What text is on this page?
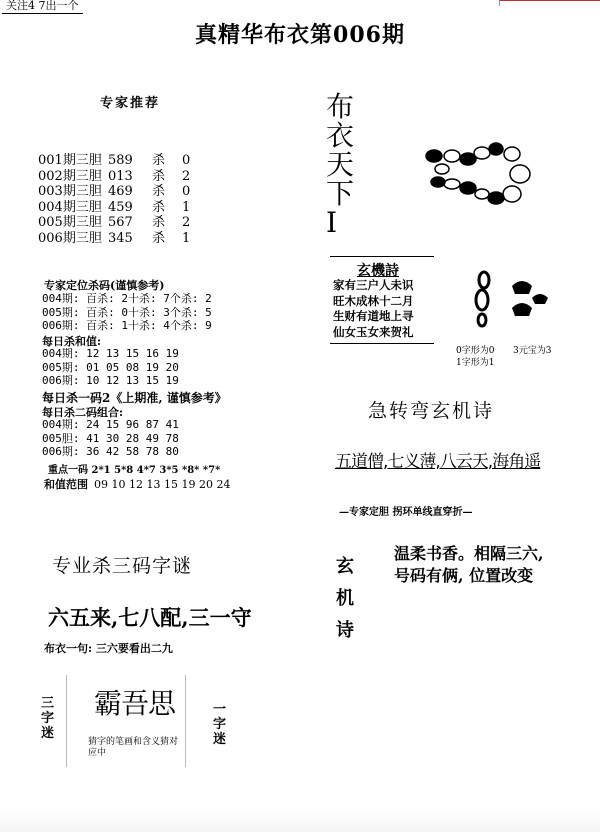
关注4 7出一个
真精华布衣第006期
专家推荐
001期三胆 589 杀 0
002期三胆 013 杀 2
003期三胆 469 杀 0
004期三胆 459 杀 1
005期三胆 567 杀 2
006期三胆 345 杀 1
专家定位杀码(谨慎参考)
004期: 百杀: 2十杀: 7个杀: 2
005期: 百杀: 0十杀: 3个杀: 5
006期: 百杀: 1十杀: 4个杀: 9
每日杀和值:
004期: 12 13 15 16 19
005期: 01 05 08 19 20
006期: 10 12 13 15 19
每日杀一码2《上期准, 谨慎参考》
每日杀二码组合:
004期: 24 15 96 87 41
005胆: 41 30 28 49 78
006期: 36 42 58 78 80
重点一码 2*1 5*8 4*7 3*5 *8* *7*
和值范围 09 10 12 13 15 19 20 24
专业杀三码字谜
六五来,七八配,三一守
布衣一句: 三六要看出二九
三字迷
霸吾思
猜字的笔画和含义猜对应中
一字迷
布衣天下I
玄機詩
家有三户人未识
旺木成林十二月
生财有道地上寻
仙女玉女来贺礼
0字形为0 3元宝为3
1字形为1
急转弯玄机诗
五道僧,七义薄,八云天,海角遥
—专家定胆 拐环单线直穿折—
玄机诗
温柔书香。相隔三六,
号码有俩, 位置改变
